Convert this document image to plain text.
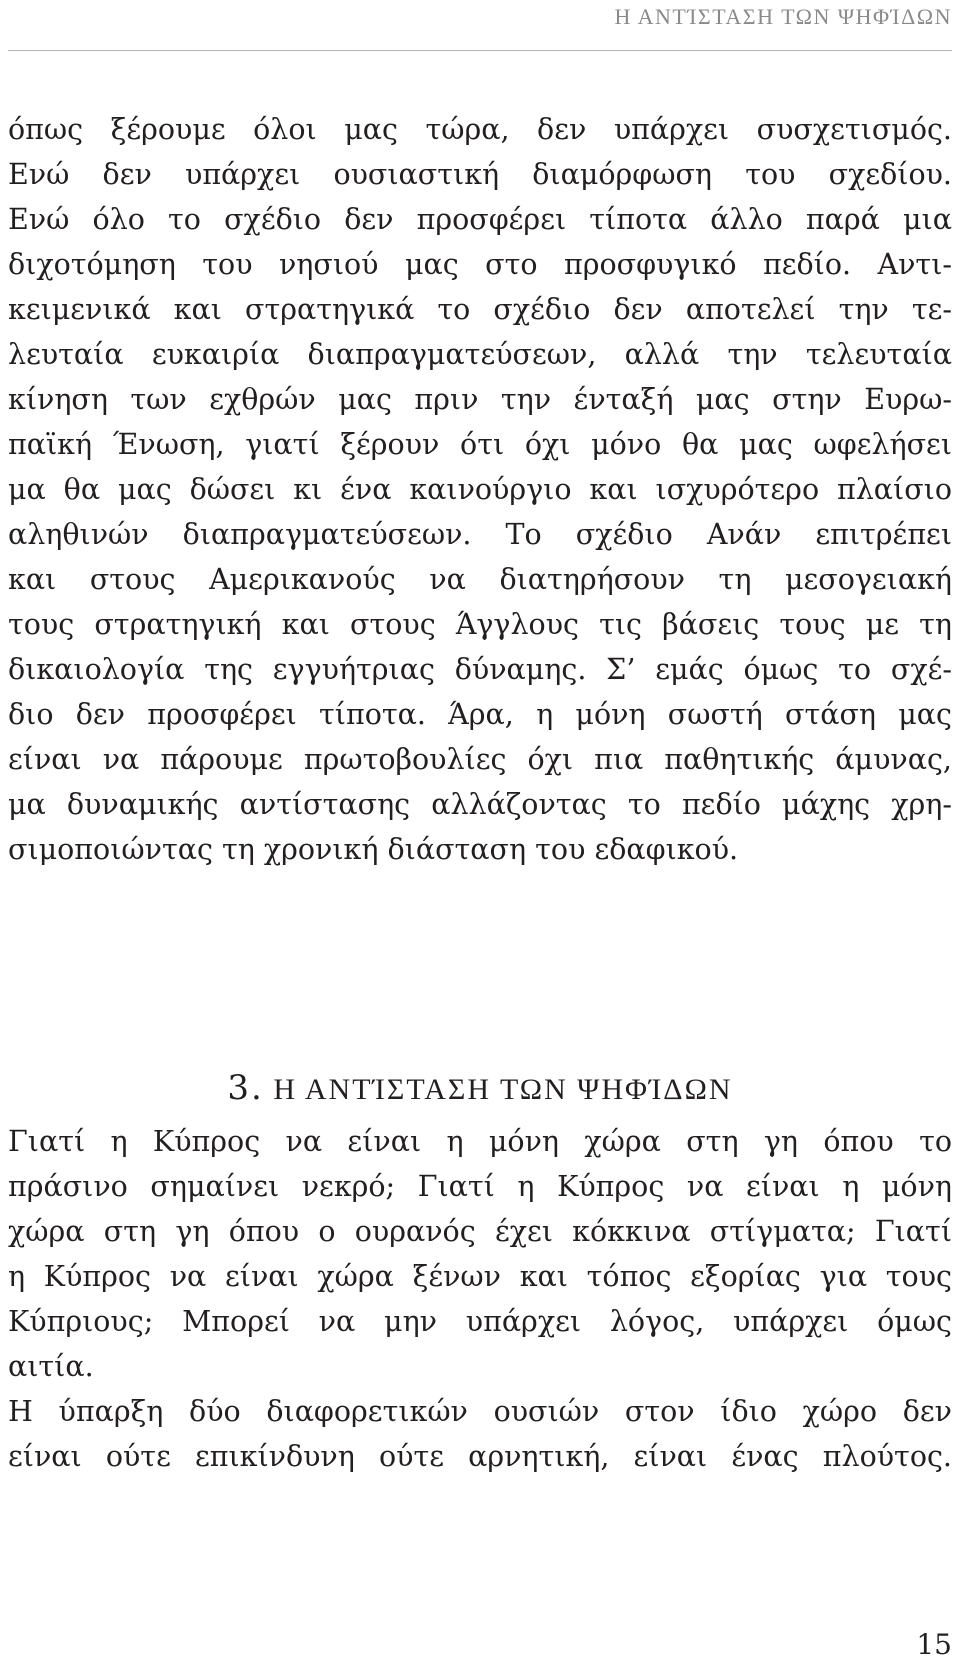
Η ΑΝΤΊΣΤΑΣΗ ΤΩΝ ΨΗΦΊΔΩΝ
όπως ξέρουμε όλοι μας τώρα, δεν υπάρχει συσχετισμός.
Ενώ δεν υπάρχει ουσιαστική διαμόρφωση του σχεδίου.
Ενώ όλο το σχέδιο δεν προσφέρει τίποτα άλλο παρά μια
διχοτόμηση του νησιού μας στο προσφυγικό πεδίο. Αντι-
κειμενικά και στρατηγικά το σχέδιο δεν αποτελεί την τε-
λευταία ευκαιρία διαπραγματεύσεων, αλλά την τελευταία
κίνηση των εχθρών μας πριν την ένταξή μας στην Ευρω-
παϊκή Ένωση, γιατί ξέρουν ότι όχι μόνο θα μας ωφελήσει
μα θα μας δώσει κι ένα καινούργιο και ισχυρότερο πλαίσιο
αληθινών διαπραγματεύσεων. Το σχέδιο Ανάν επιτρέπει
και στους Αμερικανούς να διατηρήσουν τη μεσογειακή
τους στρατηγική και στους Άγγλους τις βάσεις τους με τη
δικαιολογία της εγγυήτριας δύναμης. Σ’ εμάς όμως το σχέ-
διο δεν προσφέρει τίποτα. Άρα, η μόνη σωστή στάση μας
είναι να πάρουμε πρωτοβουλίες όχι πια παθητικής άμυνας,
μα δυναμικής αντίστασης αλλάζοντας το πεδίο μάχης χρη-
σιμοποιώντας τη χρονική διάσταση του εδαφικού.
3. Η ΑΝΤΊΣΤΑΣΗ ΤΩΝ ΨΗΦΊΔΩΝ
Γιατί η Κύπρος να είναι η μόνη χώρα στη γη όπου το
πράσινο σημαίνει νεκρό; Γιατί η Κύπρος να είναι η μόνη
χώρα στη γη όπου ο ουρανός έχει κόκκινα στίγματα; Γιατί
η Κύπρος να είναι χώρα ξένων και τόπος εξορίας για τους
Κύπριους; Μπορεί να μην υπάρχει λόγος, υπάρχει όμως
αιτία.
Η ύπαρξη δύο διαφορετικών ουσιών στον ίδιο χώρο δεν
είναι ούτε επικίνδυνη ούτε αρνητική, είναι ένας πλούτος.
15
